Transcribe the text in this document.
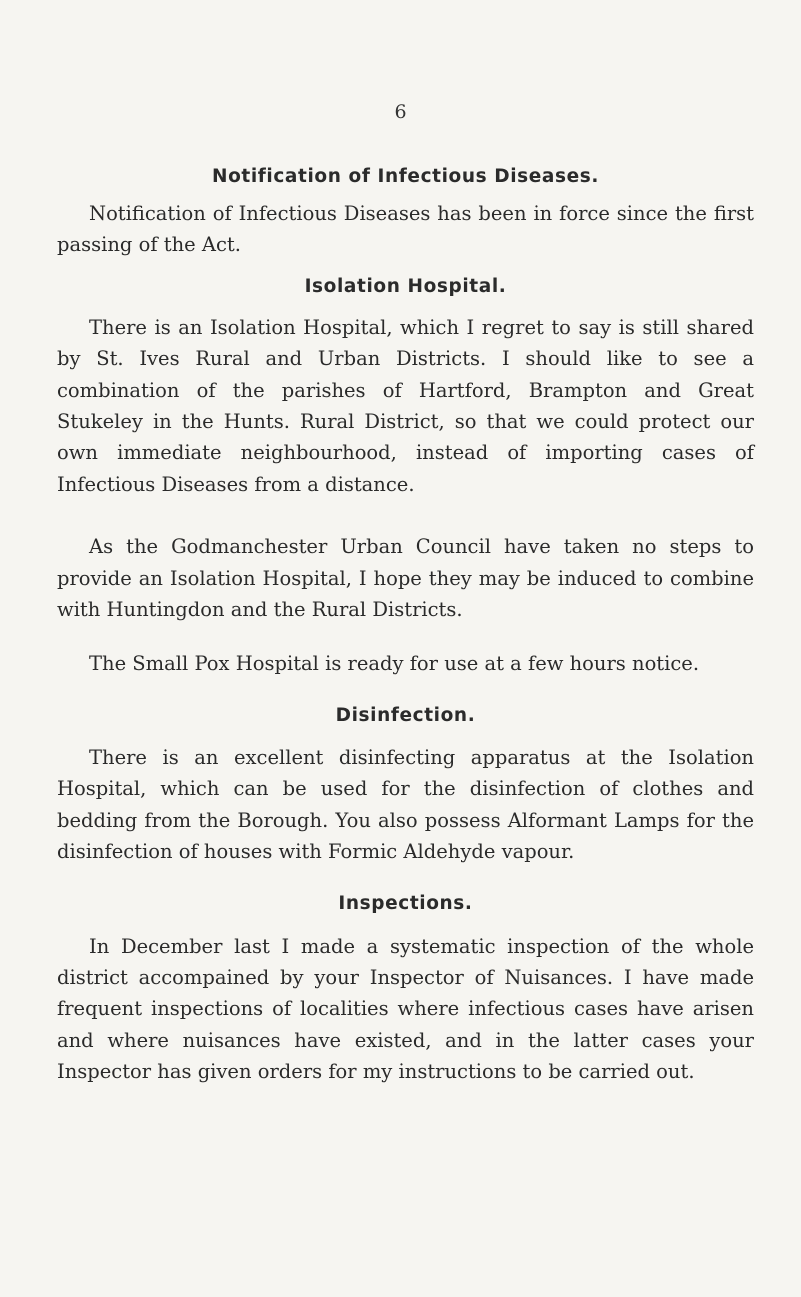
6
Notification of Infectious Diseases.

Notification of Infectious Diseases has been in force since the first passing of the Act.

Isolation Hospital.

There is an Isolation Hospital, which I regret to say is still shared by St. Ives Rural and Urban Districts. I should like to see a combination of the parishes of Hartford, Brampton and Great Stukeley in the Hunts. Rural District, so that we could protect our own immediate neighbourhood, instead of importing cases of Infectious Diseases from a distance.

As the Godmanchester Urban Council have taken no steps to provide an Isolation Hospital, I hope they may be induced to combine with Huntingdon and the Rural Districts.

The Small Pox Hospital is ready for use at a few hours notice.

Disinfection.

There is an excellent disinfecting apparatus at the Isolation Hospital, which can be used for the disinfection of clothes and bedding from the Borough. You also possess Alformant Lamps for the disinfection of houses with Formic Aldehyde vapour.

Inspections.

In December last I made a systematic inspection of the whole district accompained by your Inspector of Nuisances. I have made frequent inspections of localities where infectious cases have arisen and where nuisances have existed, and in the latter cases your Inspector has given orders for my instructions to be carried out.
